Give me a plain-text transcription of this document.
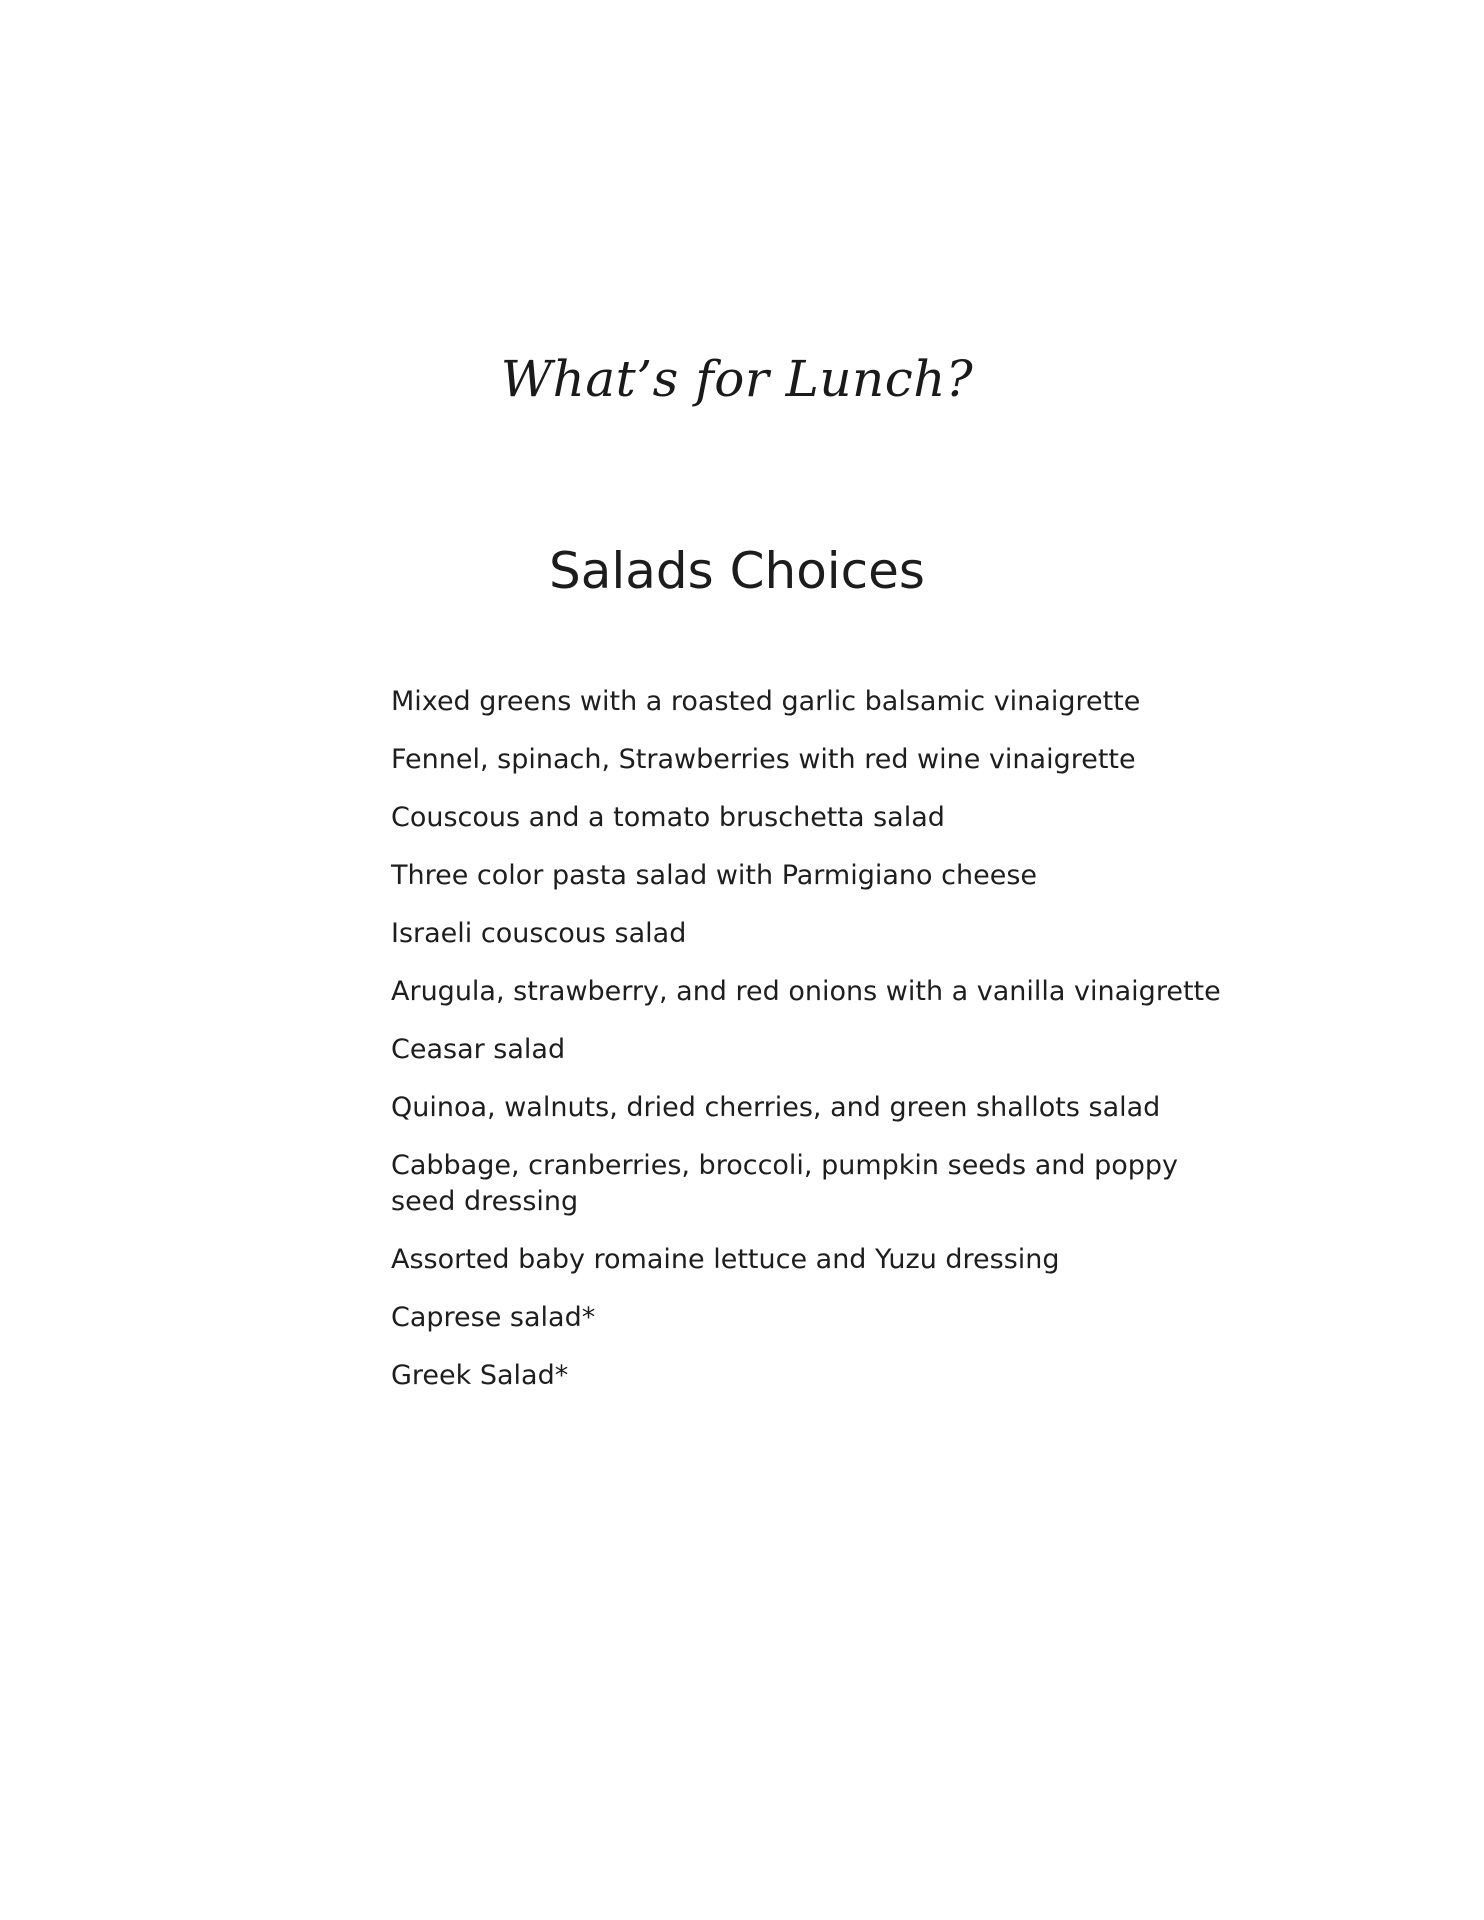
What’s for Lunch?
Salads Choices
Mixed greens with a roasted garlic balsamic vinaigrette
Fennel, spinach, Strawberries with red wine vinaigrette
Couscous and a tomato bruschetta salad
Three color pasta salad with Parmigiano cheese
Israeli couscous salad
Arugula, strawberry, and red onions with a vanilla vinaigrette
Ceasar salad
Quinoa, walnuts, dried cherries, and green shallots salad
Cabbage, cranberries, broccoli, pumpkin seeds and poppy seed dressing
Assorted baby romaine lettuce and Yuzu dressing
Caprese salad*
Greek Salad*
